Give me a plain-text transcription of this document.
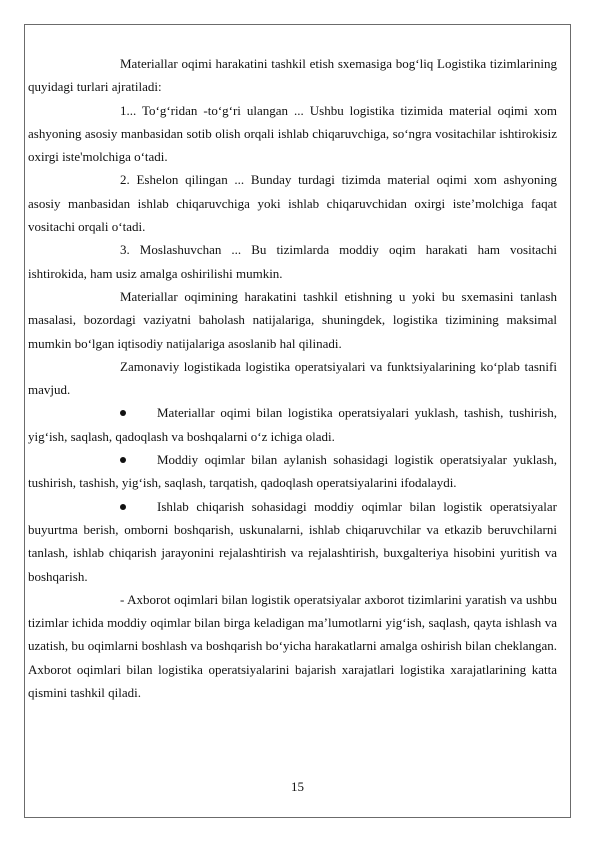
Materiallar oqimi harakatini tashkil etish sxemasiga bog‘liq Logistika tizimlarining quyidagi turlari ajratiladi:

1... To‘g‘ridan -to‘g‘ri ulangan ... Ushbu logistika tizimida material oqimi xom ashyoning asosiy manbasidan sotib olish orqali ishlab chiqaruvchiga, so‘ngra vositachilar ishtirokisiz oxirgi iste'molchiga o‘tadi.

2. Eshelon qilingan ... Bunday turdagi tizimda material oqimi xom ashyoning asosiy manbasidan ishlab chiqaruvchiga yoki ishlab chiqaruvchidan oxirgi iste’molchiga faqat vositachi orqali o‘tadi.

3. Moslashuvchan ... Bu tizimlarda moddiy oqim harakati ham vositachi ishtirokida, ham usiz amalga oshirilishi mumkin.

Materiallar oqimining harakatini tashkil etishning u yoki bu sxemasini tanlash masalasi, bozordagi vaziyatni baholash natijalariga, shuningdek, logistika tizimining maksimal mumkin bo‘lgan iqtisodiy natijalariga asoslanib hal qilinadi.

Zamonaviy logistikada logistika operatsiyalari va funktsiyalarining ko‘plab tasnifi mavjud.

Materiallar oqimi bilan logistika operatsiyalari yuklash, tashish, tushirish, yig‘ish, saqlash, qadoqlash va boshqalarni o‘z ichiga oladi.

Moddiy oqimlar bilan aylanish sohasidagi logistik operatsiyalar yuklash, tushirish, tashish, yig‘ish, saqlash, tarqatish, qadoqlash operatsiyalarini ifodalaydi.

Ishlab chiqarish sohasidagi moddiy oqimlar bilan logistik operatsiyalar buyurtma berish, omborni boshqarish, uskunalarni, ishlab chiqaruvchilar va etkazib beruvchilarni tanlash, ishlab chiqarish jarayonini rejalashtirish va rejalashtirish, buxgalteriya hisobini yuritish va boshqarish.

- Axborot oqimlari bilan logistik operatsiyalar axborot tizimlarini yaratish va ushbu tizimlar ichida moddiy oqimlar bilan birga keladigan ma’lumotlarni yig‘ish, saqlash, qayta ishlash va uzatish, bu oqimlarni boshlash va boshqarish bo‘yicha harakatlarni amalga oshirish bilan cheklangan. Axborot oqimlari bilan logistika operatsiyalarini bajarish xarajatlari logistika xarajatlarining katta qismini tashkil qiladi.

15
